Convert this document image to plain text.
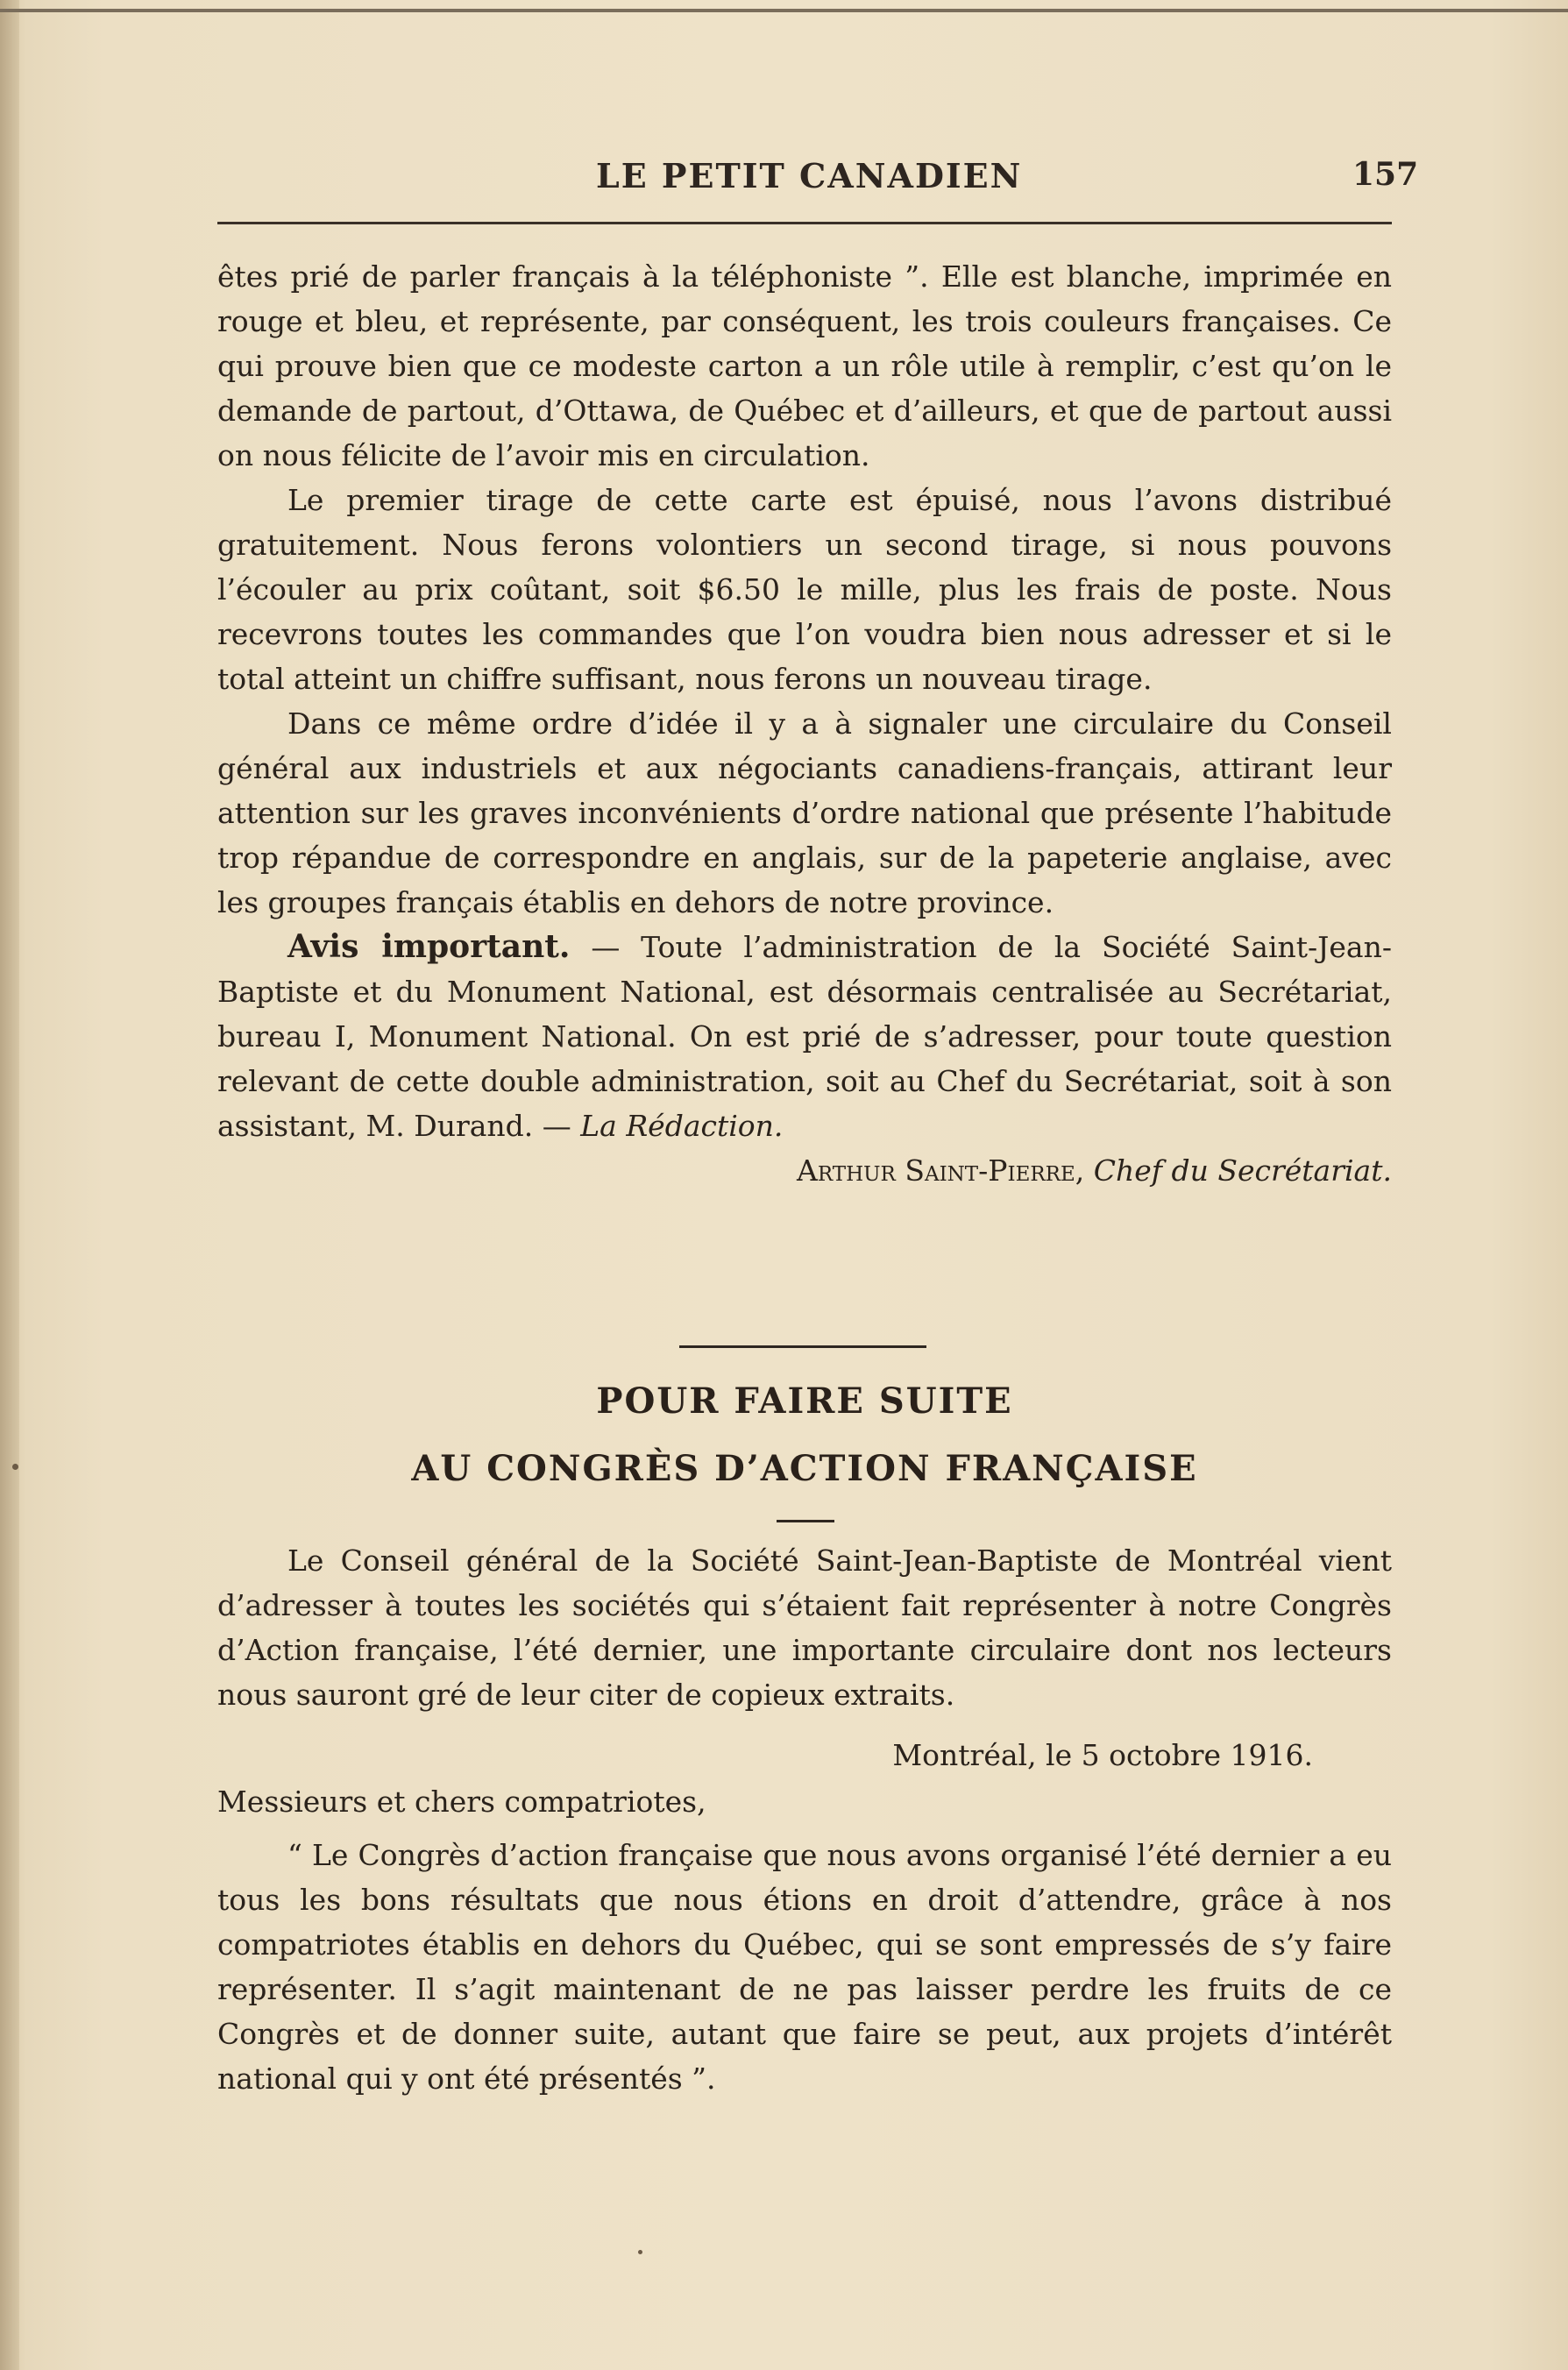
LE PETIT CANADIEN	157

êtes prié de parler français à la téléphoniste ”. Elle est blanche, imprimée en rouge et bleu, et représente, par conséquent, les trois couleurs françaises. Ce qui prouve bien que ce modeste carton a un rôle utile à remplir, c’est qu’on le demande de partout, d’Ottawa, de Québec et d’ailleurs, et que de partout aussi on nous félicite de l’avoir mis en circulation.

Le premier tirage de cette carte est épuisé, nous l’avons distribué gratuitement. Nous ferons volontiers un second tirage, si nous pouvons l’écouler au prix coûtant, soit $6.50 le mille, plus les frais de poste. Nous recevrons toutes les commandes que l’on voudra bien nous adresser et si le total atteint un chiffre suffisant, nous ferons un nouveau tirage.

Dans ce même ordre d’idée il y a à signaler une circulaire du Conseil général aux industriels et aux négociants canadiens-français, attirant leur attention sur les graves inconvénients d’ordre national que présente l’habitude trop répandue de correspondre en anglais, sur de la papeterie anglaise, avec les groupes français établis en dehors de notre province.

Avis important. — Toute l’administration de la Société Saint-Jean-Baptiste et du Monument National, est désormais centralisée au Secrétariat, bureau I, Monument National. On est prié de s’adresser, pour toute question relevant de cette double administration, soit au Chef du Secrétariat, soit à son assistant, M. Durand. — La Rédaction.

Arthur Saint-Pierre, Chef du Secrétariat.

POUR FAIRE SUITE
AU CONGRÈS D’ACTION FRANÇAISE

Le Conseil général de la Société Saint-Jean-Baptiste de Montréal vient d’adresser à toutes les sociétés qui s’étaient fait représenter à notre Congrès d’Action française, l’été dernier, une importante circulaire dont nos lecteurs nous sauront gré de leur citer de copieux extraits.

Montréal, le 5 octobre 1916.

Messieurs et chers compatriotes,

“ Le Congrès d’action française que nous avons organisé l’été dernier a eu tous les bons résultats que nous étions en droit d’attendre, grâce à nos compatriotes établis en dehors du Québec, qui se sont empressés de s’y faire représenter. Il s’agit maintenant de ne pas laisser perdre les fruits de ce Congrès et de donner suite, autant que faire se peut, aux projets d’intérêt national qui y ont été présentés ”.
